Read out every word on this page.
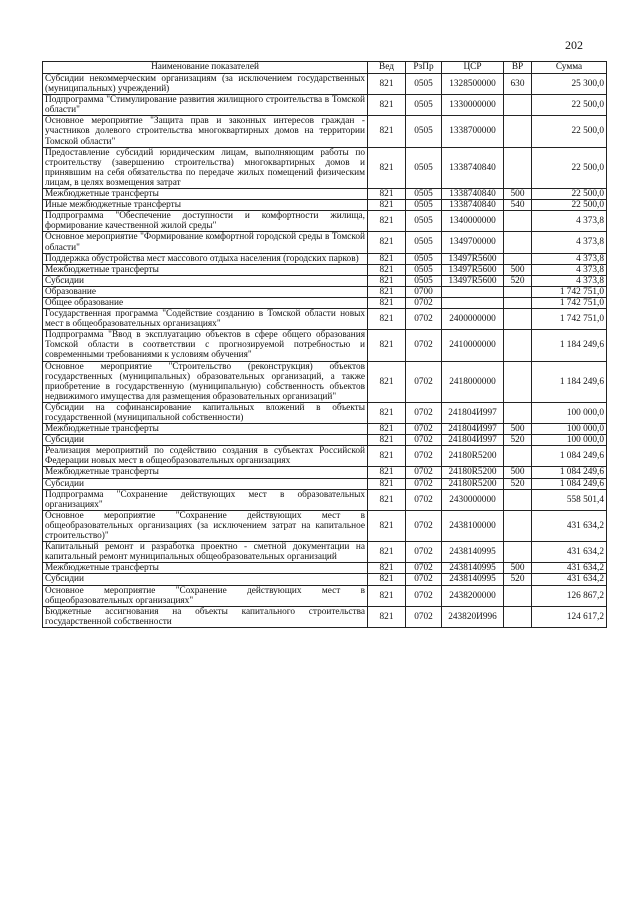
202
Наименование показателей	Вед	РзПр	ЦСР	ВР	Сумма
Субсидии некоммерческим организациям (за исключением государственных (муниципальных) учреждений)	821	0505	1328500000	630	25 300,0
Подпрограмма "Стимулирование развития жилищного строительства в Томской области"	821	0505	1330000000		22 500,0
Основное мероприятие "Защита прав и законных интересов граждан - участников долевого строительства многоквартирных домов на территории Томской области"	821	0505	1338700000		22 500,0
Предоставление субсидий юридическим лицам, выполняющим работы по строительству (завершению строительства) многоквартирных домов и принявшим на себя обязательства по передаче жилых помещений физическим лицам, в целях возмещения затрат	821	0505	1338740840		22 500,0
Межбюджетные трансферты	821	0505	1338740840	500	22 500,0
Иные межбюджетные трансферты	821	0505	1338740840	540	22 500,0
Подпрограмма "Обеспечение доступности и комфортности жилища, формирование качественной жилой среды"	821	0505	1340000000		4 373,8
Основное мероприятие "Формирование комфортной городской среды в Томской области"	821	0505	1349700000		4 373,8
Поддержка обустройства мест массового отдыха населения (городских парков)	821	0505	13497R5600		4 373,8
Межбюджетные трансферты	821	0505	13497R5600	500	4 373,8
Субсидии	821	0505	13497R5600	520	4 373,8
Образование	821	0700			1 742 751,0
Общее образование	821	0702			1 742 751,0
Государственная программа "Содействие созданию в Томской области новых мест в общеобразовательных организациях"	821	0702	2400000000		1 742 751,0
Подпрограмма "Ввод в эксплуатацию объектов в сфере общего образования Томской области в соответствии с прогнозируемой потребностью и современными требованиями к условиям обучения"	821	0702	2410000000		1 184 249,6
Основное мероприятие "Строительство (реконструкция) объектов государственных (муниципальных) образовательных организаций, а также приобретение в государственную (муниципальную) собственность объектов недвижимого имущества для размещения образовательных организаций"	821	0702	2418000000		1 184 249,6
Субсидии на софинансирование капитальных вложений в объекты государственной (муниципальной собственности)	821	0702	241804И997		100 000,0
Межбюджетные трансферты	821	0702	241804И997	500	100 000,0
Субсидии	821	0702	241804И997	520	100 000,0
Реализация мероприятий по содействию создания в субъектах Российской Федерации новых мест в общеобразовательных организациях	821	0702	24180R5200		1 084 249,6
Межбюджетные трансферты	821	0702	24180R5200	500	1 084 249,6
Субсидии	821	0702	24180R5200	520	1 084 249,6
Подпрограмма "Сохранение действующих мест в образовательных организациях"	821	0702	2430000000		558 501,4
Основное мероприятие "Сохранение действующих мест в общеобразовательных организациях (за исключением затрат на капитальное строительство)"	821	0702	2438100000		431 634,2
Капитальный ремонт и разработка проектно - сметной документации на капитальный ремонт муниципальных общеобразовательных организаций	821	0702	2438140995		431 634,2
Межбюджетные трансферты	821	0702	2438140995	500	431 634,2
Субсидии	821	0702	2438140995	520	431 634,2
Основное мероприятие "Сохранение действующих мест в общеобразовательных организациях"	821	0702	2438200000		126 867,2
Бюджетные ассигнования на объекты капитального строительства государственной собственности	821	0702	243820И996		124 617,2
